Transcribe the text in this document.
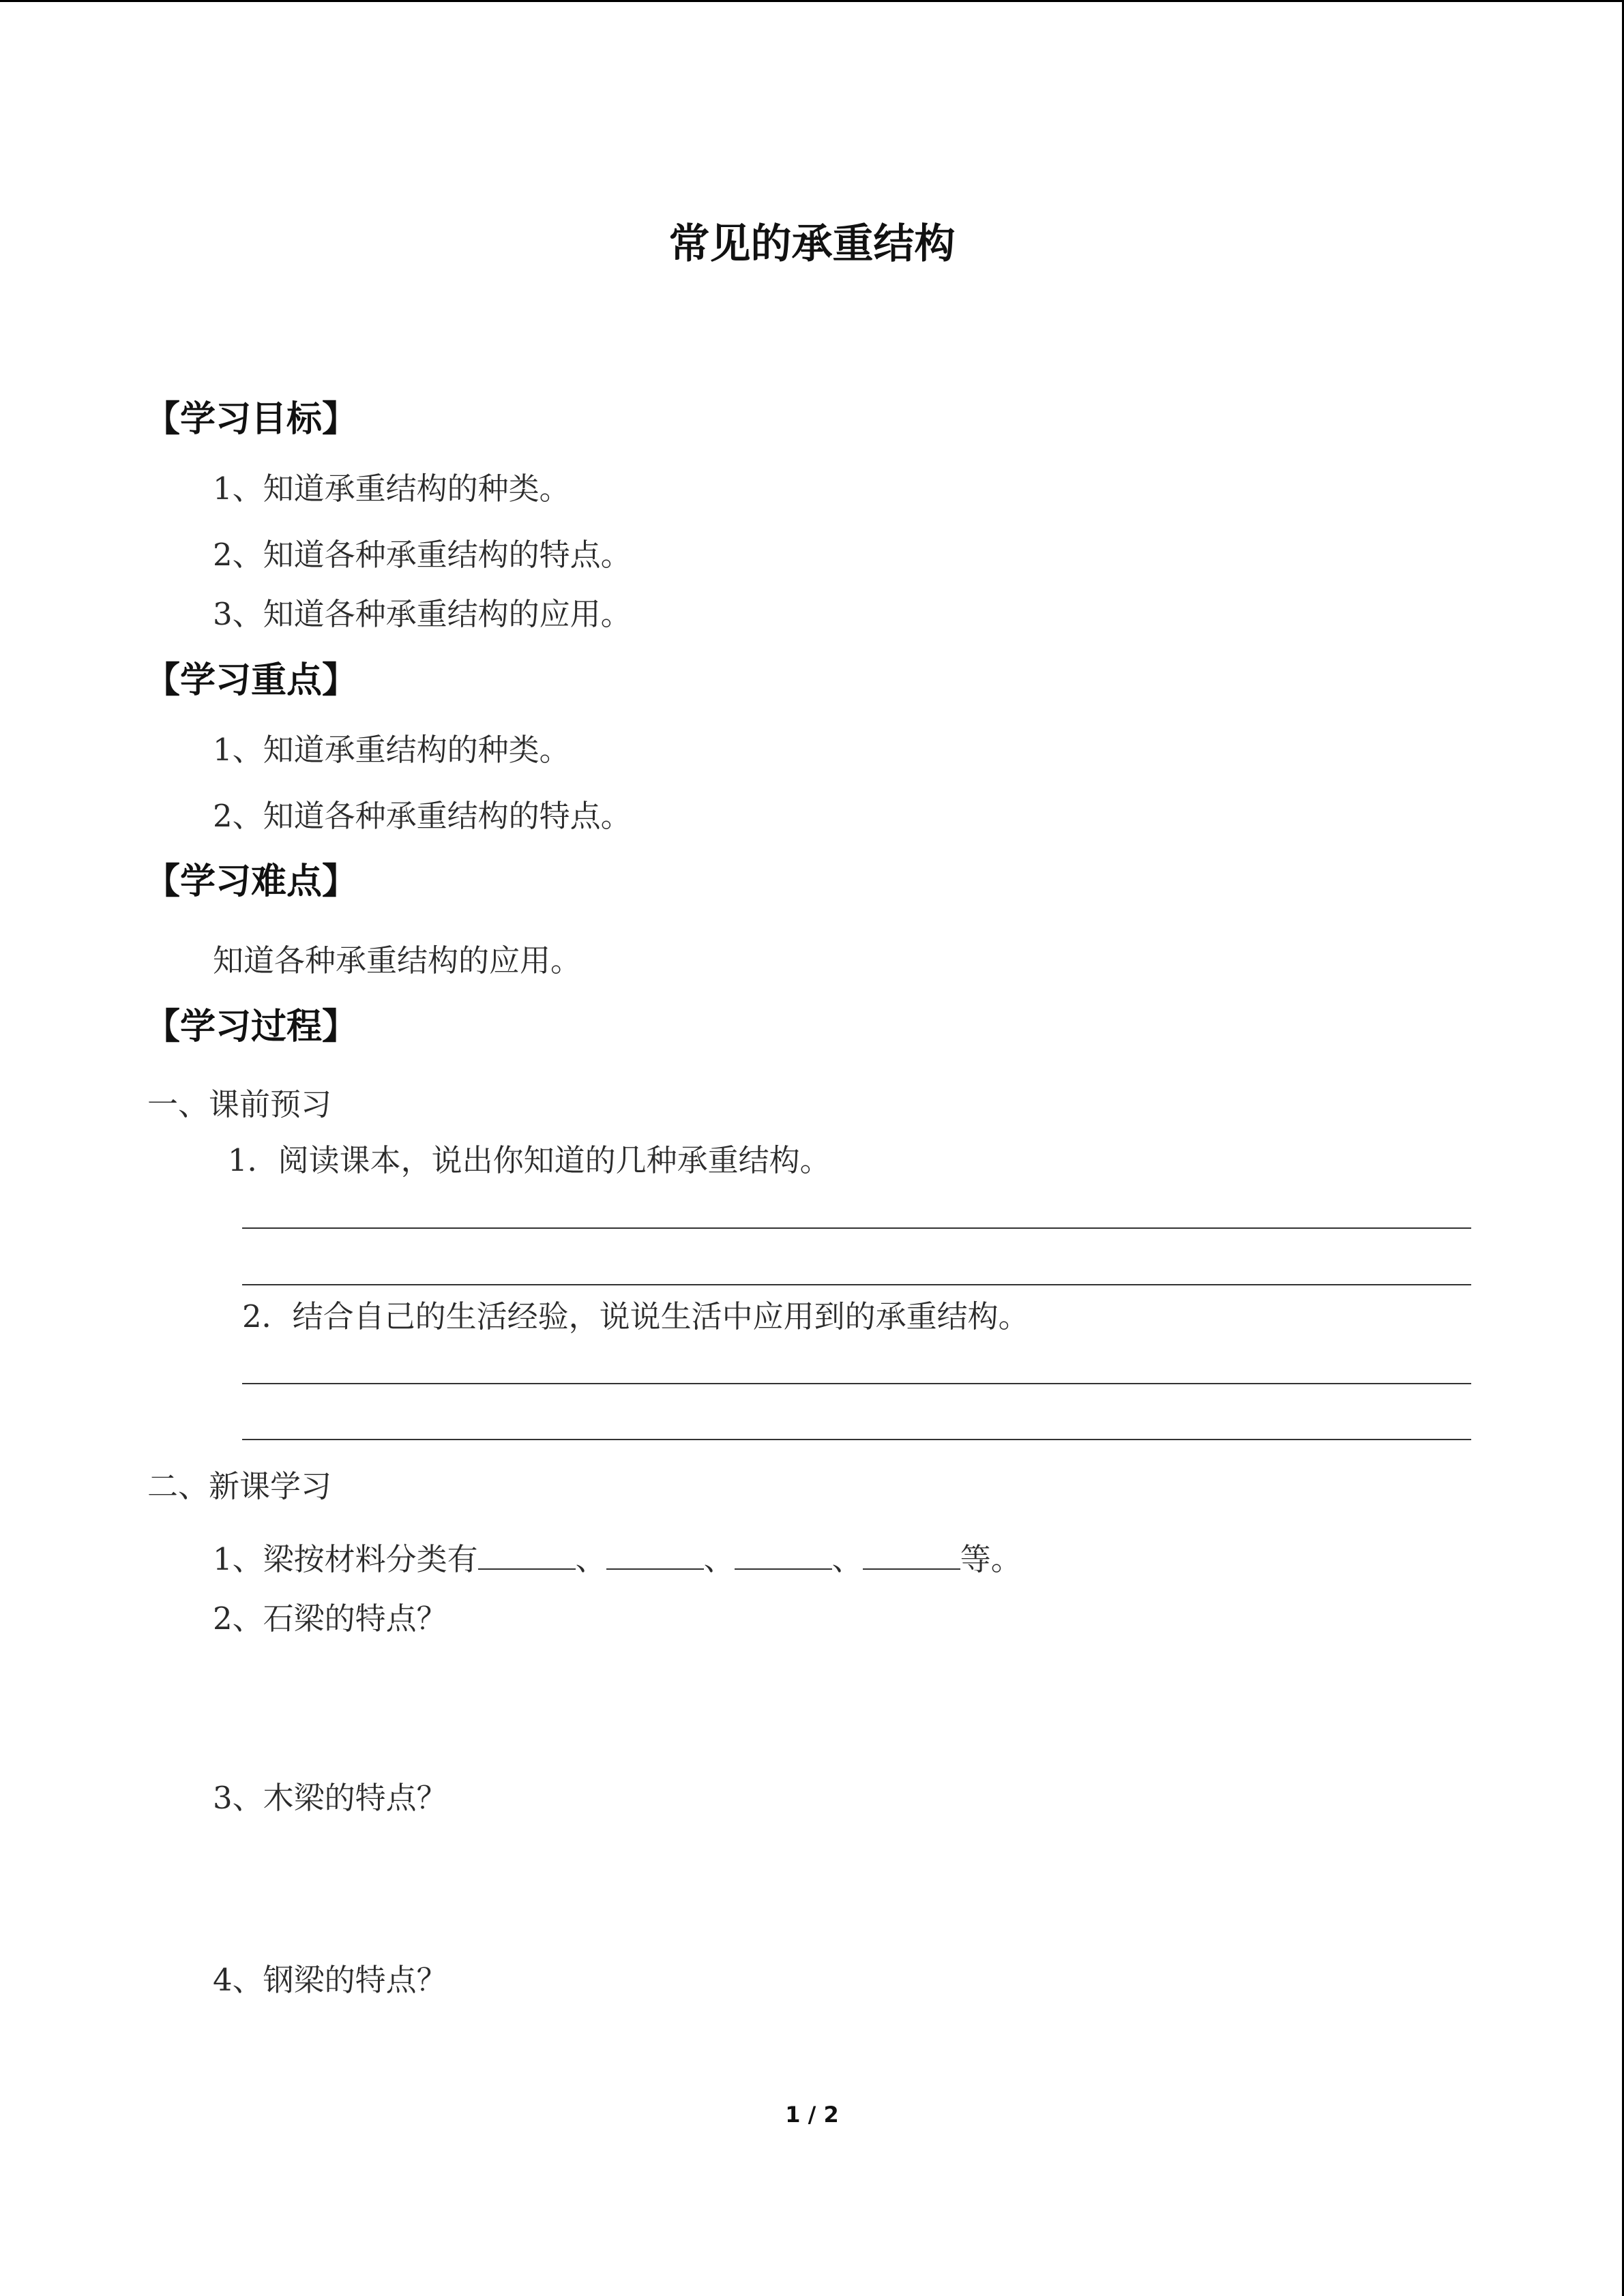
常见的承重结构
【学习目标】
1、知道承重结构的种类。
2、知道各种承重结构的特点。
3、知道各种承重结构的应用。
【学习重点】
1、知道承重结构的种类。
2、知道各种承重结构的特点。
【学习难点】
知道各种承重结构的应用。
【学习过程】
一、课前预习
1．阅读课本，说出你知道的几种承重结构。
2．结合自己的生活经验，说说生活中应用到的承重结构。
二、新课学习
1、梁按材料分类有	、	、	、	等。
2、石梁的特点？
3、木梁的特点？
4、钢梁的特点？
1 / 2
